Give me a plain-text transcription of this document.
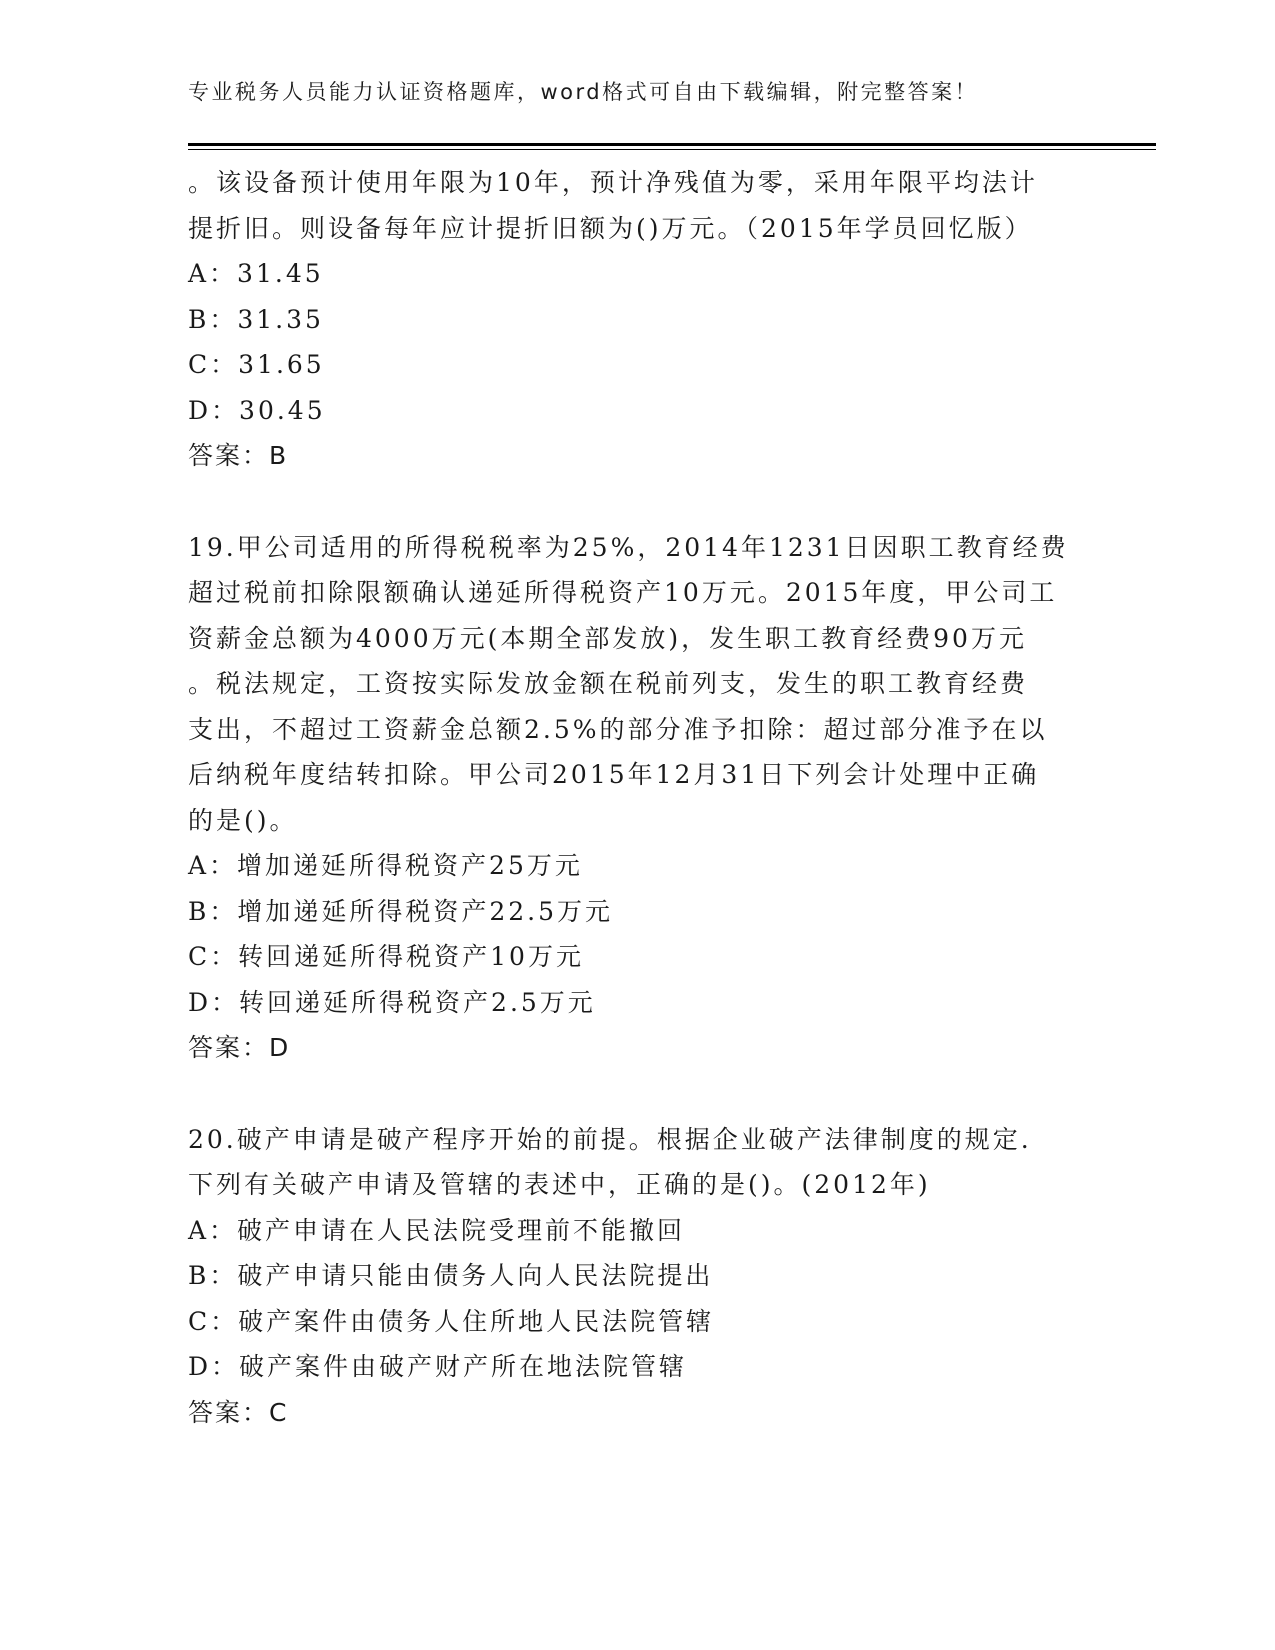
专业税务人员能力认证资格题库，word格式可自由下载编辑，附完整答案！

。该设备预计使用年限为10年，预计净残值为零，采用年限平均法计

提折旧。则设备每年应计提折旧额为()万元。（2015年学员回忆版）

A：31.45

B：31.35

C：31.65

D：30.45

答案：B

19.甲公司适用的所得税税率为25%，2014年1231日因职工教育经费

超过税前扣除限额确认递延所得税资产10万元。2015年度，甲公司工

资薪金总额为4000万元(本期全部发放)，发生职工教育经费90万元

。税法规定，工资按实际发放金额在税前列支，发生的职工教育经费

支出，不超过工资薪金总额2.5%的部分准予扣除：超过部分准予在以

后纳税年度结转扣除。甲公司2015年12月31日下列会计处理中正确

的是()。

A：增加递延所得税资产25万元

B：增加递延所得税资产22.5万元

C：转回递延所得税资产10万元

D：转回递延所得税资产2.5万元

答案：D

20.破产申请是破产程序开始的前提。根据企业破产法律制度的规定.

下列有关破产申请及管辖的表述中，正确的是()。(2012年)

A：破产申请在人民法院受理前不能撤回

B：破产申请只能由债务人向人民法院提出

C：破产案件由债务人住所地人民法院管辖

D：破产案件由破产财产所在地法院管辖

答案：C
